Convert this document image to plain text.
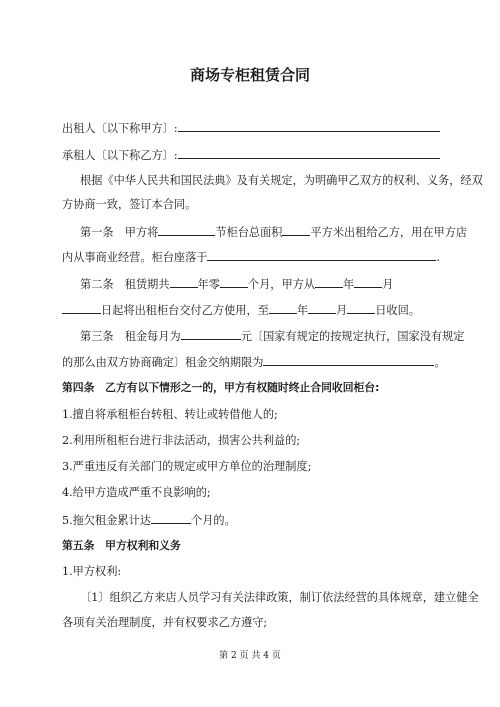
商场专柜租赁合同
出租人〔以下称甲方〕:
承租人〔以下称乙方〕:
根据《中华人民共和国民法典》及有关规定，为明确甲乙双方的权利、义务，经双
方协商一致，签订本合同。
第一条　甲方将	节柜台总面积	平方米出租给乙方，用在甲方店
内从事商业经营。柜台座落于	.
第二条　租赁期共	年零	个月，甲方从	年	月
日起将出租柜台交付乙方使用，至	年	月	日收回。
第三条　租金每月为	元〔国家有规定的按规定执行，国家没有规定
的那么由双方协商确定〕租金交纳期限为	。
第四条　乙方有以下情形之一的，甲方有权随时终止合同收回柜台:
1.擅自将承租柜台转租、转让或转借他人的;
2.利用所租柜台进行非法活动，损害公共利益的;
3.严重违反有关部门的规定或甲方单位的治理制度;
4.给甲方造成严重不良影响的;
5.拖欠租金累计达	个月的。
第五条　甲方权利和义务
1.甲方权利:
〔1〕组织乙方来店人员学习有关法律政策，制订依法经营的具体规章，建立健全
各项有关治理制度，并有权要求乙方遵守;
第 2 页 共 4 页
